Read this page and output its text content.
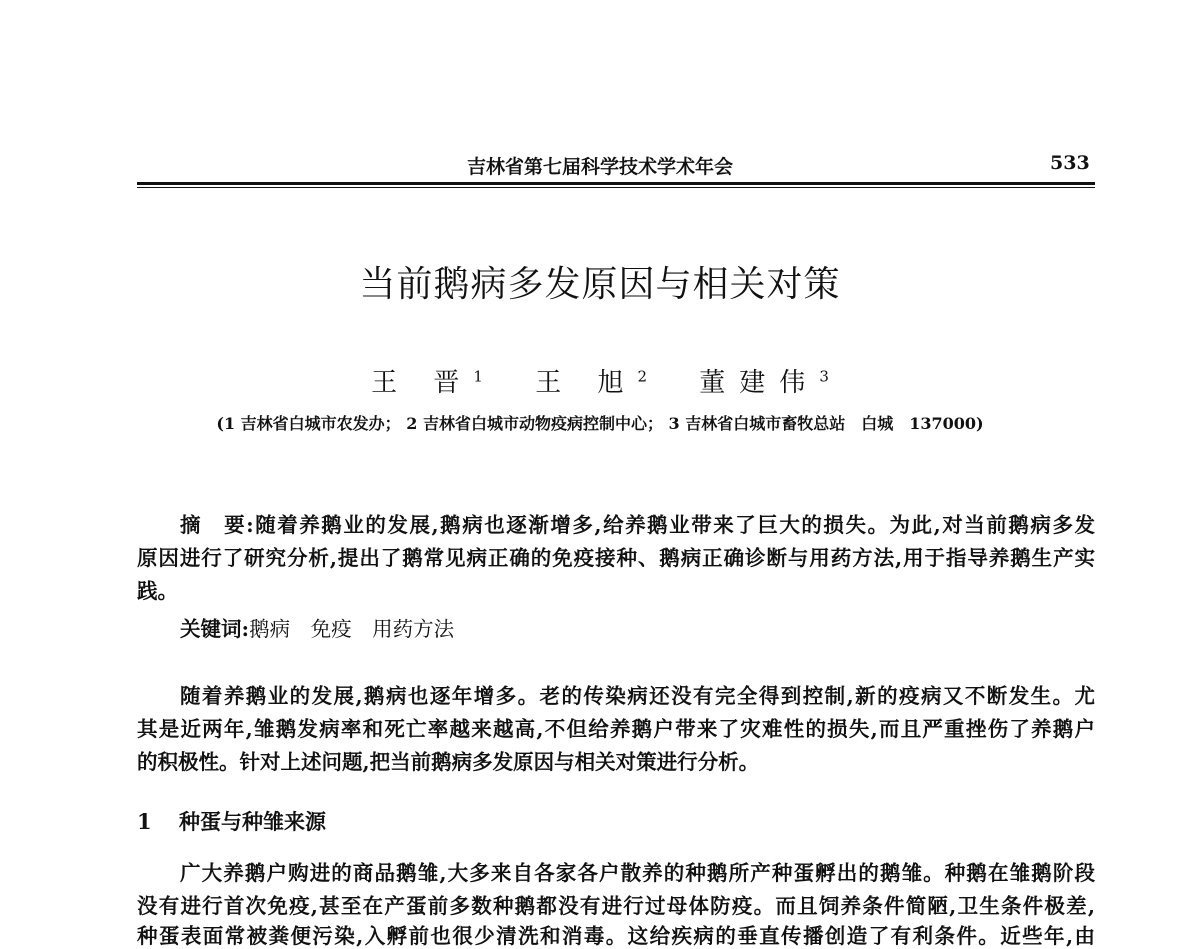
吉林省第七届科学技术学术年会	533
当前鹅病多发原因与相关对策
王 晋$^1$ 王 旭$^2$ 董建伟$^3$
(1 吉林省白城市农发办； 2 吉林省白城市动物疫病控制中心； 3 吉林省白城市畜牧总站　白城　137000)
摘　要:随着养鹅业的发展,鹅病也逐渐增多,给养鹅业带来了巨大的损失。为此,对当前鹅病多发
原因进行了研究分析,提出了鹅常见病正确的免疫接种、鹅病正确诊断与用药方法,用于指导养鹅生产实
践。
关键词:鹅病　免疫　用药方法
随着养鹅业的发展,鹅病也逐年增多。老的传染病还没有完全得到控制,新的疫病又不断发生。尤
其是近两年,雏鹅发病率和死亡率越来越高,不但给养鹅户带来了灾难性的损失,而且严重挫伤了养鹅户
的积极性。针对上述问题,把当前鹅病多发原因与相关对策进行分析。
1 种蛋与种雏来源
广大养鹅户购进的商品鹅雏,大多来自各家各户散养的种鹅所产种蛋孵出的鹅雏。种鹅在雏鹅阶段
没有进行首次免疫,甚至在产蛋前多数种鹅都没有进行过母体防疫。而且饲养条件简陋,卫生条件极差,
种蛋表面常被粪便污染,入孵前也很少清洗和消毒。这给疾病的垂直传播创造了有利条件。近些年,由
